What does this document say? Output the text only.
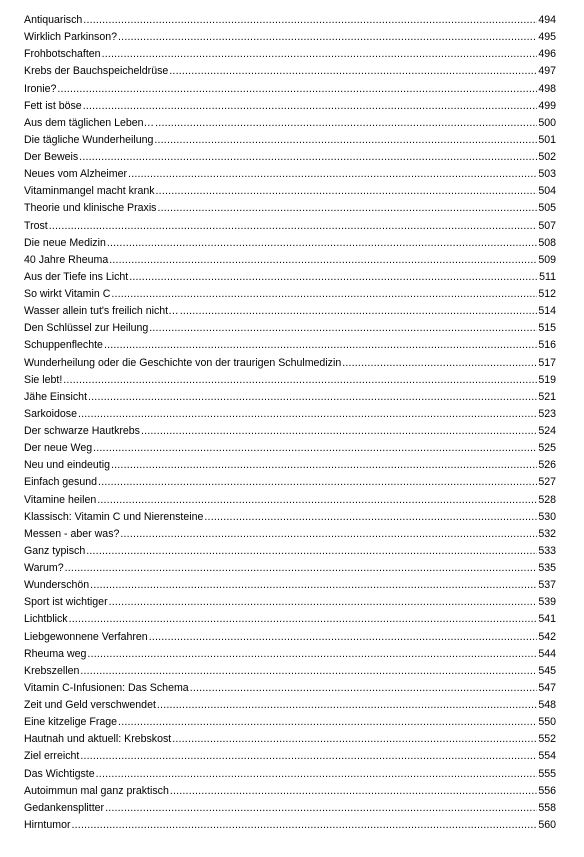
Antiquarisch .....	494
Wirklich Parkinson? .....	495
Frohbotschaften .....	496
Krebs der Bauchspeicheldrüse .....	497
Ironie? .....	498
Fett ist böse .....	499
Aus dem täglichen Leben… .....	500
Die tägliche Wunderheilung .....	501
Der Beweis .....	502
Neues vom Alzheimer .....	503
Vitaminmangel macht krank .....	504
Theorie und klinische Praxis .....	505
Trost .....	507
Die neue Medizin .....	508
40 Jahre Rheuma .....	509
Aus der Tiefe ins Licht .....	511
So wirkt Vitamin C .....	512
Wasser allein tut's freilich nicht… .....	514
Den Schlüssel zur Heilung .....	515
Schuppenflechte .....	516
Wunderheilung oder die Geschichte von der traurigen Schulmedizin .....	517
Sie lebt! .....	519
Jähe Einsicht .....	521
Sarkoidose .....	523
Der schwarze Hautkrebs .....	524
Der neue Weg .....	525
Neu und eindeutig .....	526
Einfach gesund .....	527
Vitamine heilen .....	528
Klassisch: Vitamin C und Nierensteine .....	530
Messen - aber was? .....	532
Ganz typisch .....	533
Warum? .....	535
Wunderschön .....	537
Sport ist wichtiger .....	539
Lichtblick .....	541
Liebgewonnene Verfahren .....	542
Rheuma weg .....	544
Krebszellen .....	545
Vitamin C-Infusionen: Das Schema .....	547
Zeit und Geld verschwendet .....	548
Eine kitzelige Frage .....	550
Hautnah und aktuell: Krebskost .....	552
Ziel erreicht .....	554
Das Wichtigste .....	555
Autoimmun mal ganz praktisch .....	556
Gedankensplitter .....	558
Hirntumor .....	560
